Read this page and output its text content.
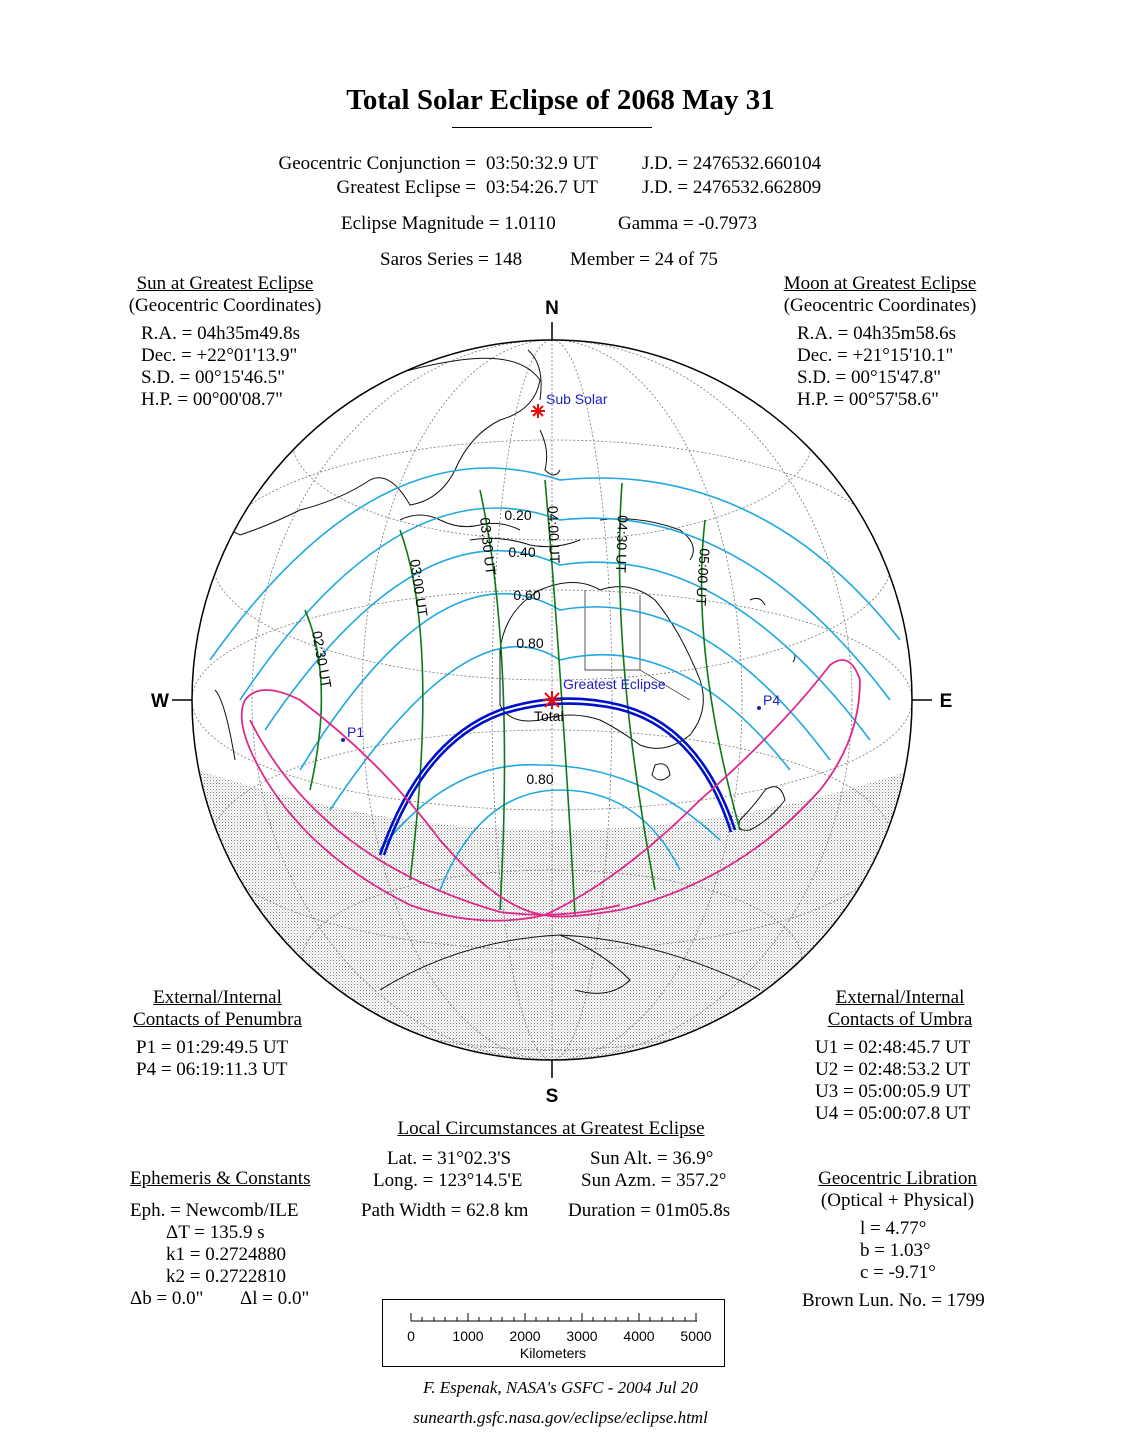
Total Solar Eclipse of 2068 May 31
Geocentric Conjunction = 03:50:32.9 UT J.D. = 2476532.660104
Greatest Eclipse = 03:54:26.7 UT J.D. = 2476532.662809
Eclipse Magnitude = 1.0110	Gamma = -0.7973
Saros Series = 148	Member = 24 of 75
Sun at Greatest Eclipse
(Geocentric Coordinates)
R.A. = 04h35m49.8s
Dec. = +22°01'13.9"
S.D. = 00°15'46.5"
H.P. = 00°00'08.7"
Moon at Greatest Eclipse
(Geocentric Coordinates)
R.A. = 04h35m58.6s
Dec. = +21°15'10.1"
S.D. = 00°15'47.8"
H.P. = 00°57'58.6"
N
S
W	E
Sub Solar
Greatest Eclipse
Total
P1
P4
0.20
0.40
0.60
0.80
0.80
02:30 UT
03:00 UT
03:30 UT	04:00 UT	04:30 UT
05:00 UT
External/Internal
Contacts of Penumbra
P1 = 01:29:49.5 UT
P4 = 06:19:11.3 UT
External/Internal
Contacts of Umbra
U1 = 02:48:45.7 UT
U2 = 02:48:53.2 UT
U3 = 05:00:05.9 UT
U4 = 05:00:07.8 UT
Local Circumstances at Greatest Eclipse
Lat. = 31°02.3'S
Long. = 123°14.5'E
Sun Alt. = 36.9°
Sun Azm. = 357.2°
Path Width = 62.8 km Duration = 01m05.8s
Ephemeris & Constants
Eph. = Newcomb/ILE
ΔT = 135.9 s
k1 = 0.2724880
k2 = 0.2722810
Δb = 0.0" Δl = 0.0"
Geocentric Libration
(Optical + Physical)
l = 4.77°
b = 1.03°
c = -9.71°
Brown Lun. No. = 1799
0	1000 2000 3000 4000 5000
Kilometers
F. Espenak, NASA's GSFC - 2004 Jul 20
sunearth.gsfc.nasa.gov/eclipse/eclipse.html
